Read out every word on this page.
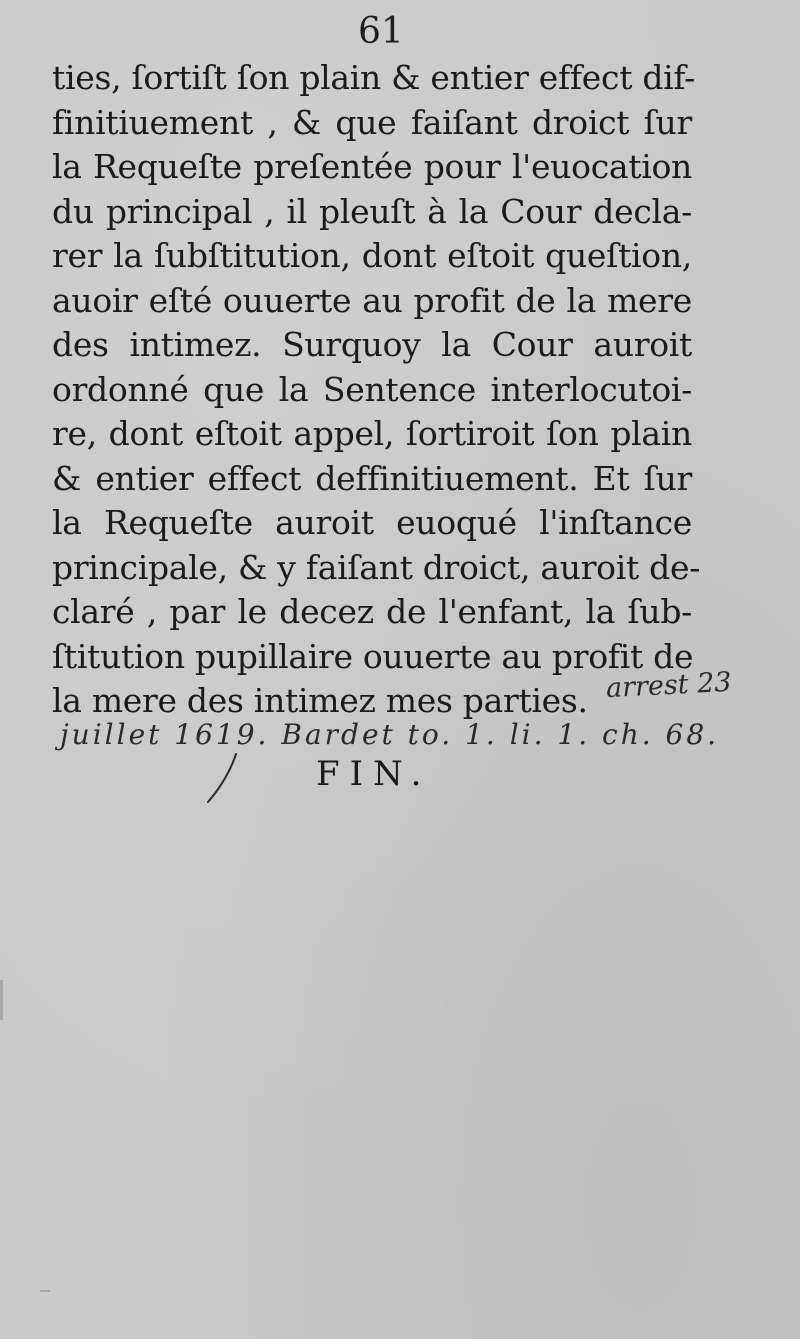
61
ties, ſortiſt ſon plain & entier effect dif-
finitiuement , & que faiſant droict ſur
la Requeſte preſentée pour l'euocation
du principal , il pleuſt à la Cour decla-
rer la ſubſtitution, dont eſtoit queſtion,
auoir eſté ouuerte au profit de la mere
des intimez. Surquoy la Cour auroit
ordonné que la Sentence interlocutoi-
re, dont eſtoit appel, ſortiroit ſon plain
& entier effect deffinitiuement. Et ſur
la Requeſte auroit euoqué l'inſtance
principale, & y faiſant droict, auroit de-
claré , par le decez de l'enfant, la ſub-
ſtitution pupillaire ouuerte au profit de
la mere des intimez mes parties. arrest 23
juillet 1619. Bardet to. 1. li. 1. ch. 68.
FIN.
